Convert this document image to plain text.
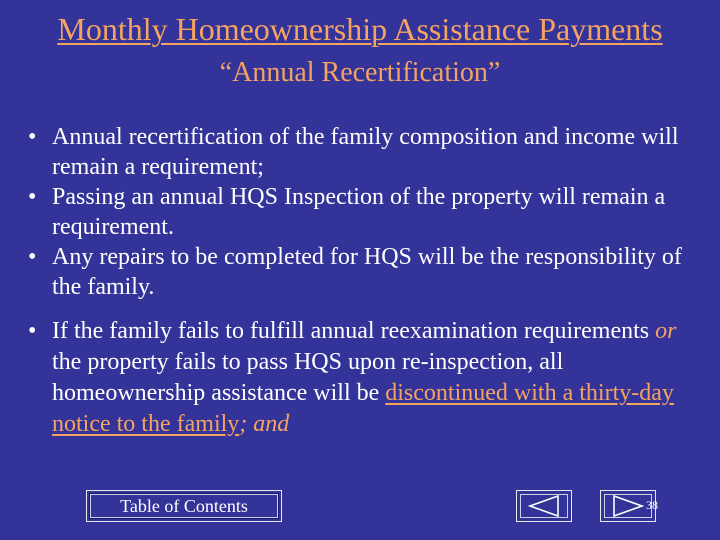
Monthly Homeownership Assistance Payments
“Annual Recertification”
• Annual recertification of the family composition and income will remain a requirement;
• Passing an annual HQS Inspection of the property will remain a requirement.
• Any repairs to be completed for HQS will be the responsibility of the family.
• If the family fails to fulfill annual reexamination requirements or the property fails to pass HQS upon re-inspection, all homeownership assistance will be discontinued with a thirty-day notice to the family; and
Table of Contents	38
